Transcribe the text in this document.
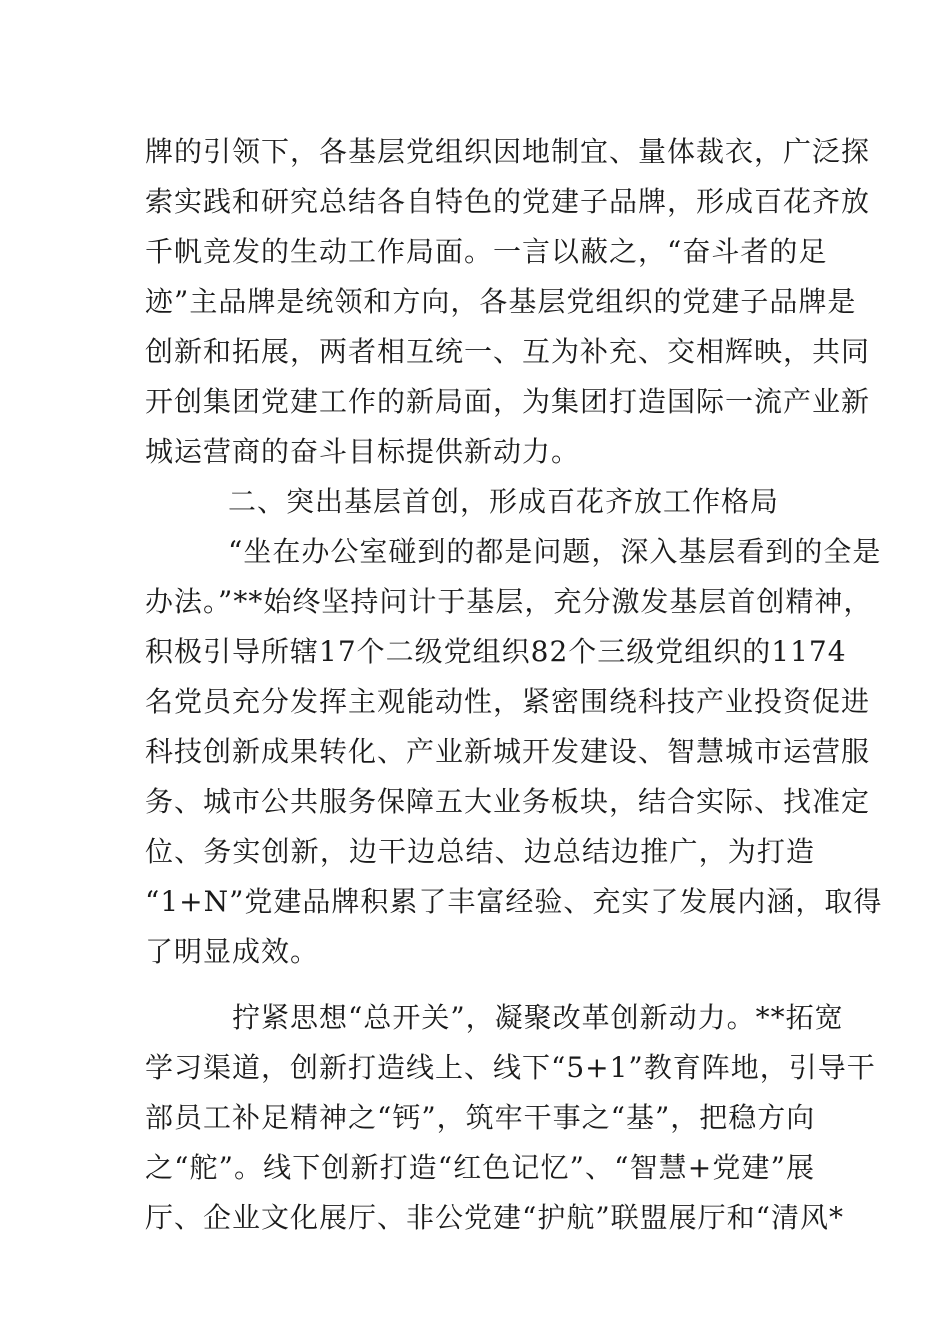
牌的引领下，各基层党组织因地制宜、量体裁衣，广泛探
索实践和研究总结各自特色的党建子品牌，形成百花齐放
千帆竞发的生动工作局面。一言以蔽之，“奋斗者的足
迹”主品牌是统领和方向，各基层党组织的党建子品牌是
创新和拓展，两者相互统一、互为补充、交相辉映，共同
开创集团党建工作的新局面，为集团打造国际一流产业新
城运营商的奋斗目标提供新动力。
二、突出基层首创，形成百花齐放工作格局
“坐在办公室碰到的都是问题，深入基层看到的全是
办法。”**始终坚持问计于基层，充分激发基层首创精神，
积极引导所辖17个二级党组织82个三级党组织的1174
名党员充分发挥主观能动性，紧密围绕科技产业投资促进
科技创新成果转化、产业新城开发建设、智慧城市运营服
务、城市公共服务保障五大业务板块，结合实际、找准定
位、务实创新，边干边总结、边总结边推广，为打造
“1+N”党建品牌积累了丰富经验、充实了发展内涵，取得
了明显成效。
拧紧思想“总开关”，凝聚改革创新动力。**拓宽
学习渠道，创新打造线上、线下“5+1”教育阵地，引导干
部员工补足精神之“钙”，筑牢干事之“基”，把稳方向
之“舵”。线下创新打造“红色记忆”、“智慧+党建”展
厅、企业文化展厅、非公党建“护航”联盟展厅和“清风*
